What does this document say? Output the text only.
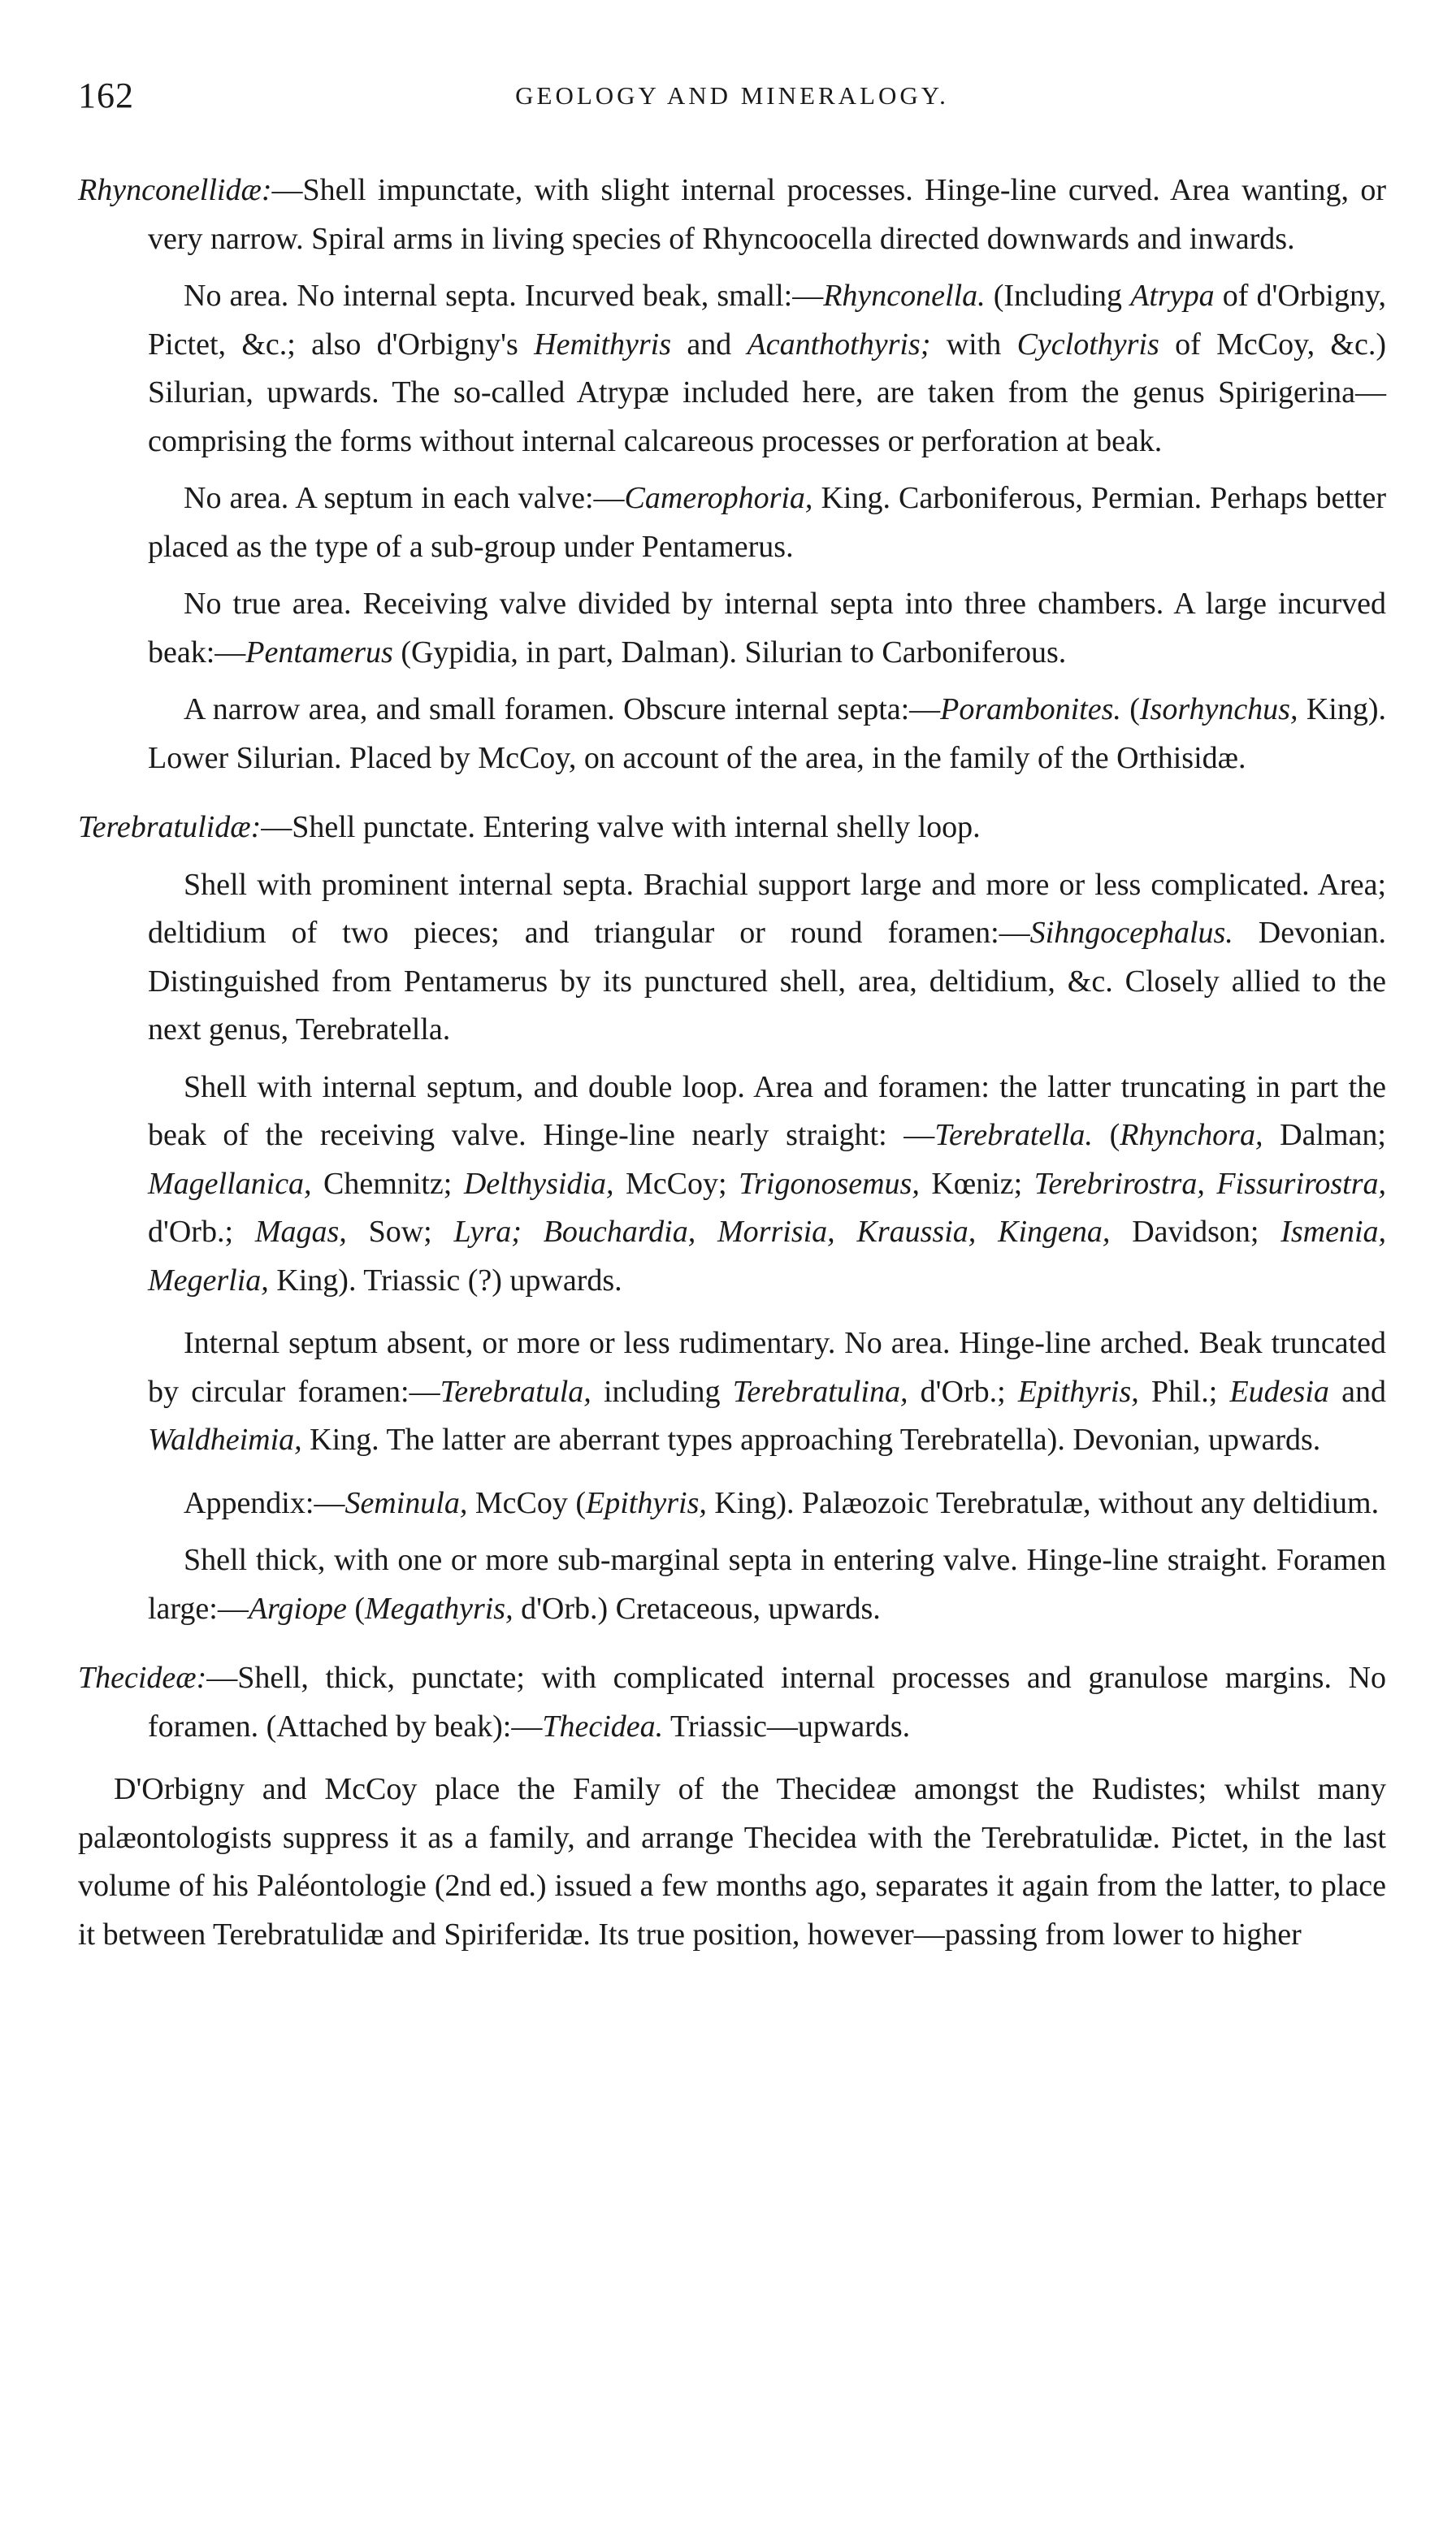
162	GEOLOGY AND MINERALOGY.

Rhynconellidæ:—Shell impunctate, with slight internal processes. Hinge-line curved. Area wanting, or very narrow. Spiral arms in living species of Rhyncoocella directed downwards and inwards.

No area. No internal septa. Incurved beak, small:—Rhynconella. (Including Atrypa of d'Orbigny, Pictet, &c.; also d'Orbigny's Hemithyris and Acanthothyris; with Cyclothyris of McCoy, &c.) Silurian, upwards. The so-called Atrypæ included here, are taken from the genus Spirigerina—comprising the forms without internal calcareous processes or perforation at beak.

No area. A septum in each valve:—Camerophoria, King. Carboniferous, Permian. Perhaps better placed as the type of a sub-group under Pentamerus.

No true area. Receiving valve divided by internal septa into three chambers. A large incurved beak:—Pentamerus (Gypidia, in part, Dalman). Silurian to Carboniferous.

A narrow area, and small foramen. Obscure internal septa:—Porambonites. (Isorhynchus, King). Lower Silurian. Placed by McCoy, on account of the area, in the family of the Orthisidæ.

Terebratulidæ:—Shell punctate. Entering valve with internal shelly loop.

Shell with prominent internal septa. Brachial support large and more or less complicated. Area; deltidium of two pieces; and triangular or round foramen:—Sihngocephalus. Devonian. Distinguished from Pentamerus by its punctured shell, area, deltidium, &c. Closely allied to the next genus, Terebratella.

Shell with internal septum, and double loop. Area and foramen: the latter truncating in part the beak of the receiving valve. Hinge-line nearly straight: —Terebratella. (Rhynchora, Dalman; Magellanica, Chemnitz; Delthysidia, McCoy; Trigonosemus, Kœniz; Terebrirostra, Fissurirostra, d'Orb.; Magas, Sow; Lyra; Bouchardia, Morrisia, Kraussia, Kingena, Davidson; Ismenia, Megerlia, King). Triassic (?) upwards.

Internal septum absent, or more or less rudimentary. No area. Hinge-line arched. Beak truncated by circular foramen:—Terebratula, including Terebratulina, d'Orb.; Epithyris, Phil.; Eudesia and Waldheimia, King. The latter are aberrant types approaching Terebratella). Devonian, upwards.

Appendix:—Seminula, McCoy (Epithyris, King). Palæozoic Terebratulæ, without any deltidium.

Shell thick, with one or more sub-marginal septa in entering valve. Hinge-line straight. Foramen large:—Argiope (Megathyris, d'Orb.) Cretaceous, upwards.

Thecideæ:—Shell, thick, punctate; with complicated internal processes and granulose margins. No foramen. (Attached by beak):—Thecidea. Triassic—upwards.

D'Orbigny and McCoy place the Family of the Thecideæ amongst the Rudistes; whilst many palæontologists suppress it as a family, and arrange Thecidea with the Terebratulidæ. Pictet, in the last volume of his Paléontologie (2nd ed.) issued a few months ago, separates it again from the latter, to place it between Terebratulidæ and Spiriferidæ. Its true position, however—passing from lower to higher
